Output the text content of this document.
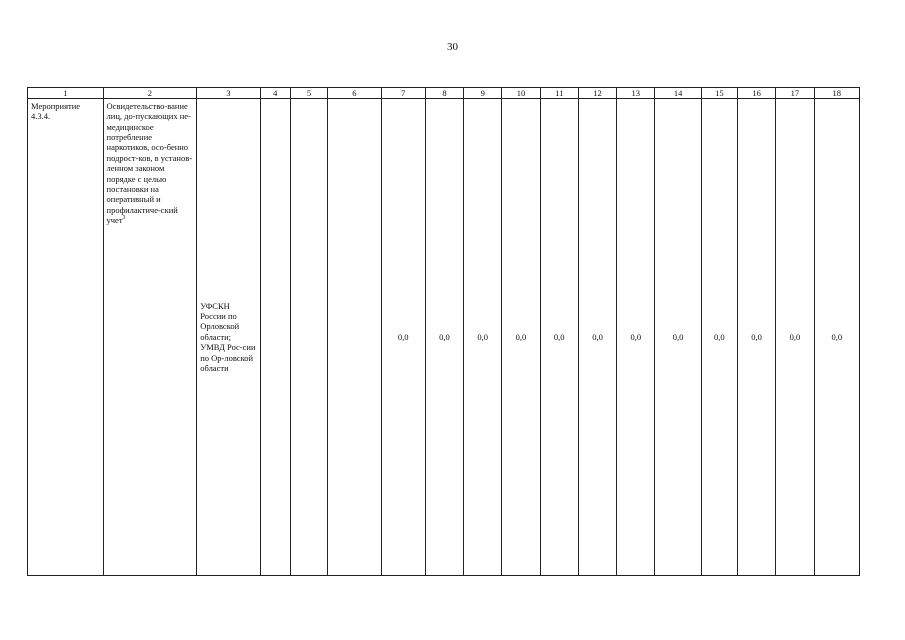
30
1	2	3	4	5	6	7	8	9	10	11	12	13	14	15	16	17	18

Мероприятие 4.3.4.	Освидетельство-вание лиц, до-пускающих не-медицинское потребление наркотиков, осо-бенно подрост-ков, в установ-ленном законом порядке с целью постановки на оперативный и профилактиче-ский учет$^3$	УФСКН России по Орловской области; УМВД Рос-сии по Ор-ловской области				0,0	0,0	0,0	0,0	0,0	0,0	0,0	0,0	0,0	0,0	0,0	0,0
